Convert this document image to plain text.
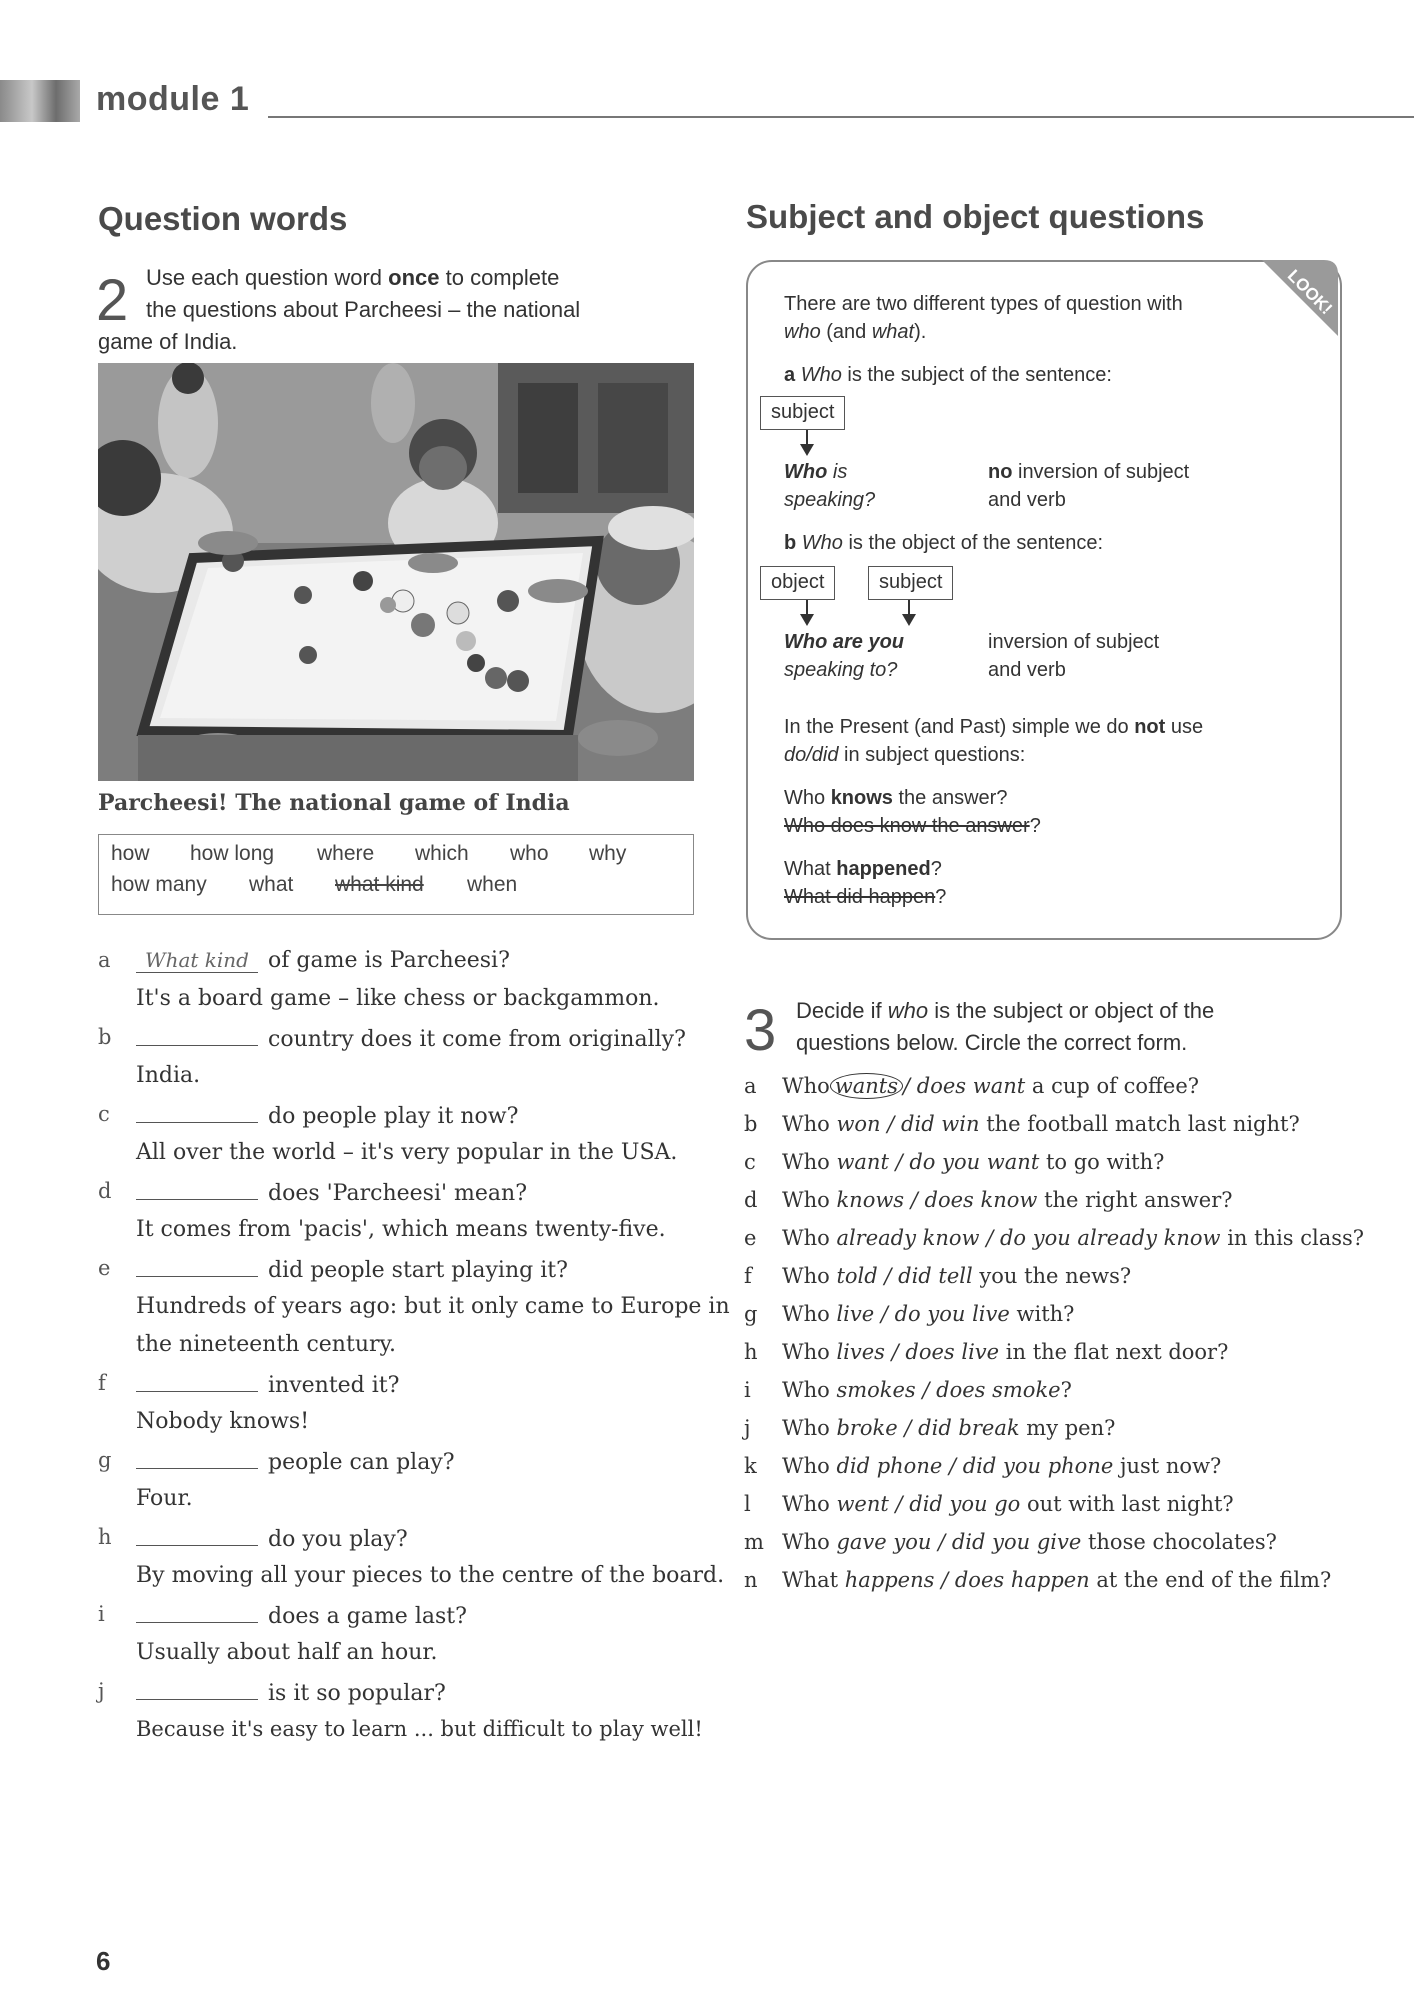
module 1
Question words
2 Use each question word once to complete
the questions about Parcheesi – the national
game of India.
Parcheesi! The national game of India
how how long where which who why
how many what what kind when
a	What kind of game is Parcheesi?
It's a board game – like chess or backgammon.
b	country does it come from originally?
India.
c	do people play it now?
All over the world – it's very popular in the USA.
d	does 'Parcheesi' mean?
It comes from 'pacis', which means twenty-five.
e	did people start playing it?
Hundreds of years ago: but it only came to Europe in
the nineteenth century.
f	invented it?
Nobody knows!
g	people can play?
Four.
h	do you play?
By moving all your pieces to the centre of the board.
i	does a game last?
Usually about half an hour.
j	is it so popular?
Because it's easy to learn ... but difficult to play well!
Subject and object questions
LOOK!
There are two different types of question with
who (and what).
a Who is the subject of the sentence:
subject
Who is
speaking?
no inversion of subject
and verb
b Who is the object of the sentence:
object	subject
Who are you
speaking to?
inversion of subject
and verb
In the Present (and Past) simple we do not use
do/did in subject questions:
Who knows the answer?
Who does know the answer?
What happened?
What did happen?
3 Decide if who is the subject or object of the
questions below. Circle the correct form.
a Who wants / does want a cup of coffee?
b Who won / did win the football match last night?
c Who want / do you want to go with?
d Who knows / does know the right answer?
e Who already know / do you already know in this class?
f Who told / did tell you the news?
g Who live / do you live with?
h Who lives / does live in the flat next door?
i Who smokes / does smoke?
j Who broke / did break my pen?
k Who did phone / did you phone just now?
l Who went / did you go out with last night?
m Who gave you / did you give those chocolates?
n What happens / does happen at the end of the film?
6
